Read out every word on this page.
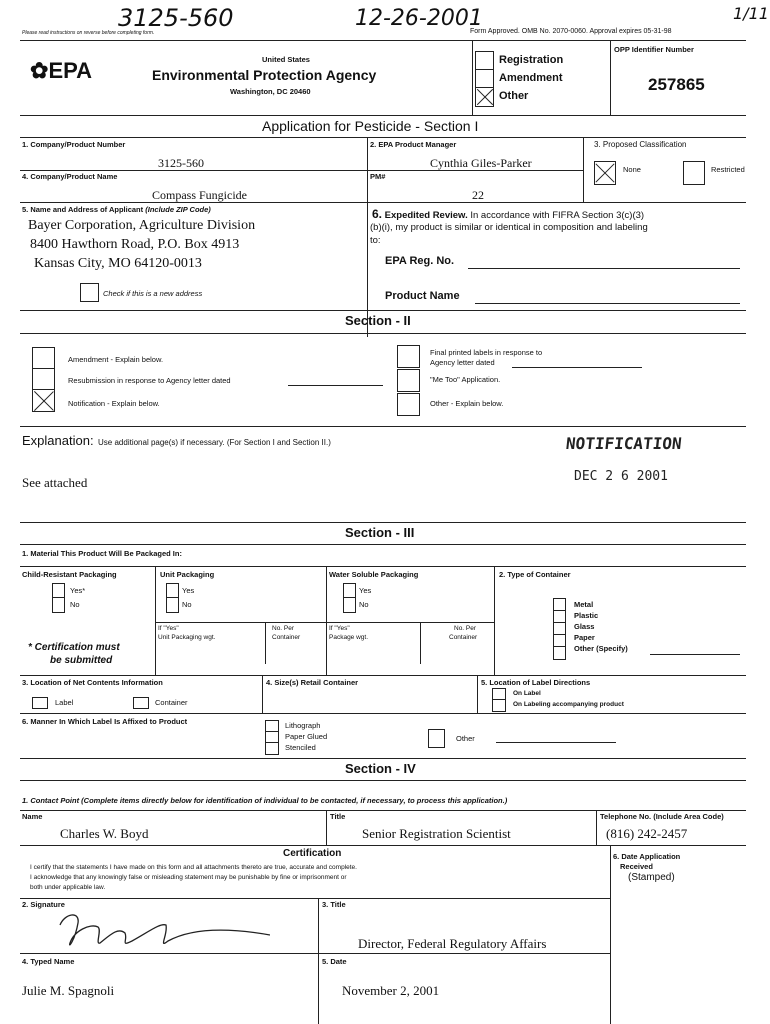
3125-560	12-26-2001	1/11
Please read instructions on reverse before completing form.	Form Approved. OMB No. 2070-0060. Approval expires 05-31-98
✿EPA	United States
Environmental Protection Agency
Washington, DC 20460
Registration
Amendment
Other
OPP Identifier Number
257865
Application for Pesticide - Section I
1. Company/Product Number
3125-560
2. EPA Product Manager
Cynthia Giles-Parker
3. Proposed Classification
None	Restricted
4. Company/Product Name
Compass Fungicide
PM#
22
5. Name and Address of Applicant (Include ZIP Code)
Bayer Corporation, Agriculture Division
8400 Hawthorn Road, P.O. Box 4913
Kansas City, MO 64120-0013
Check if this is a new address
6. Expedited Review. In accordance with FIFRA Section 3(c)(3)
(b)(i), my product is similar or identical in composition and labeling
to:
EPA Reg. No.
Product Name
Section - II
Amendment - Explain below.
Resubmission in response to Agency letter dated
Notification - Explain below.
Final printed labels in response to
Agency letter dated
"Me Too" Application.
Other - Explain below.
Explanation: Use additional page(s) if necessary. (For Section I and Section II.)	NOTIFICATION
DEC 2 6 2001
See attached
Section - III
1. Material This Product Will Be Packaged In:
Child-Resistant Packaging	Unit Packaging	Water Soluble Packaging	2. Type of Container
Yes*
No
* Certification must
be submitted
Yes
No
If "Yes"
Unit Packaging wgt.
No. Per
Container
Yes
No
If "Yes"
Package wgt.
No. Per
Container
Metal
Plastic
Glass
Paper
Other (Specify)
3. Location of Net Contents Information
Label	Container
4. Size(s) Retail Container	5. Location of Label Directions
On Label
On Labeling accompanying product
6. Manner In Which Label Is Affixed to Product	Lithograph
Paper Glued
Stenciled
Other
Section - IV
1. Contact Point (Complete items directly below for identification of individual to be contacted, if necessary, to process this application.)
Name
Charles W. Boyd
Title
Senior Registration Scientist
Telephone No. (Include Area Code)
(816) 242-2457
Certification
I certify that the statements I have made on this form and all attachments thereto are true, accurate and complete.
I acknowledge that any knowingly false or misleading statement may be punishable by fine or imprisonment or
both under applicable law.
6. Date Application
Received
(Stamped)
2. Signature	3. Title
Director, Federal Regulatory Affairs
4. Typed Name
Julie M. Spagnoli
5. Date
November 2, 2001
